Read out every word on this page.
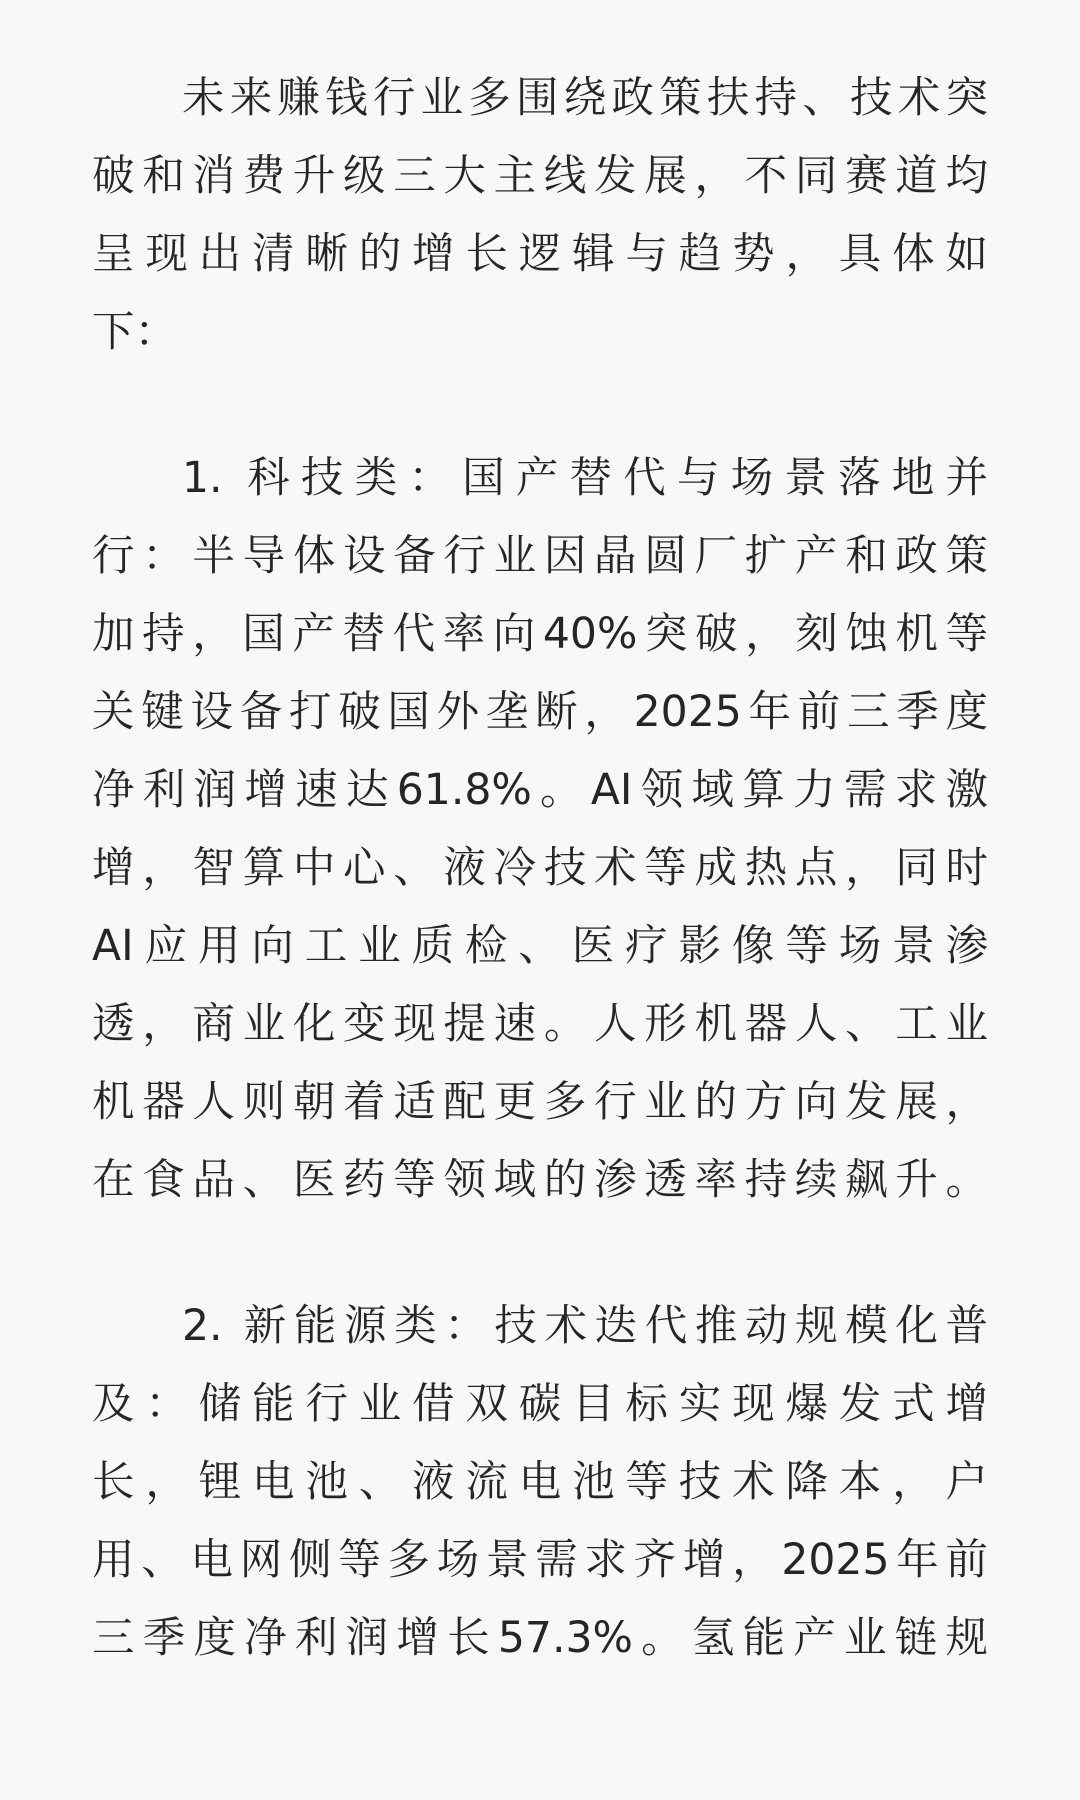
未来赚钱行业多围绕政策扶持、技术突
破和消费升级三大主线发展，不同赛道均
呈现出清晰的增长逻辑与趋势，具体如
下：
1. 科技类：国产替代与场景落地并
行：半导体设备行业因晶圆厂扩产和政策
加持，国产替代率向40%突破，刻蚀机等
关键设备打破国外垄断，2025年前三季度
净利润增速达61.8%。AI领域算力需求激
增，智算中心、液冷技术等成热点，同时
AI应用向工业质检、医疗影像等场景渗
透，商业化变现提速。人形机器人、工业
机器人则朝着适配更多行业的方向发展，
在食品、医药等领域的渗透率持续飙升。
2. 新能源类：技术迭代推动规模化普
及：储能行业借双碳目标实现爆发式增
长，锂电池、液流电池等技术降本，户
用、电网侧等多场景需求齐增，2025年前
三季度净利润增长57.3%。氢能产业链规
